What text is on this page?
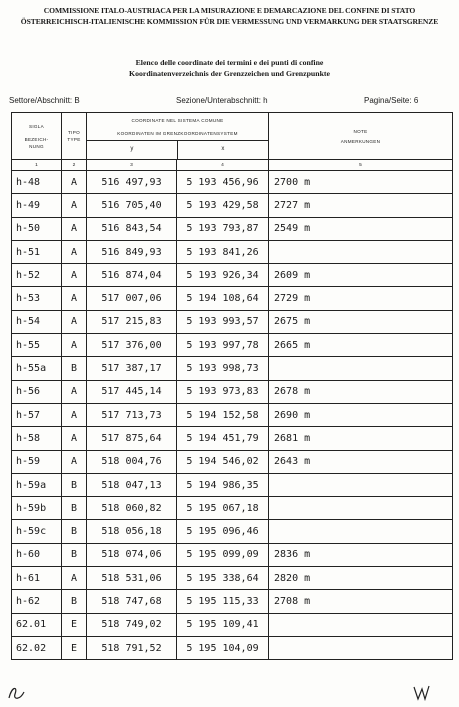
COMMISSIONE ITALO-AUSTRIACA PER LA MISURAZIONE E DEMARCAZIONE DEL CONFINE DI STATO
ÖSTERREICHISCH-ITALIENISCHE KOMMISSION FÜR DIE VERMESSUNG UND VERMARKUNG DER STAATSGRENZE
Elenco delle coordinate dei termini e dei punti di confine
Koordinatenverzeichnis der Grenzzeichen und Grenzpunkte
Settore/Abschnitt: B	Sezione/Unterabschnitt: h	Pagina/Seite: 6
SIGLA
BEZEICH-
NUNG

TIPO
TYPE

COORDINATE NEL SISTEMA COMUNE
KOORDINATEN IM GRENZKOORDINATENSYSTEM
y	x

NOTE
ANMERKUNGEN

1	2	3	4	5
h-48	A	516 497,93	5 193 456,96	2700 m
h-49	A	516 705,40	5 193 429,58	2727 m
h-50	A	516 843,54	5 193 793,87	2549 m
h-51	A	516 849,93	5 193 841,26	
h-52	A	516 874,04	5 193 926,34	2609 m
h-53	A	517 007,06	5 194 108,64	2729 m
h-54	A	517 215,83	5 193 993,57	2675 m
h-55	A	517 376,00	5 193 997,78	2665 m
h-55a	B	517 387,17	5 193 998,73	
h-56	A	517 445,14	5 193 973,83	2678 m
h-57	A	517 713,73	5 194 152,58	2690 m
h-58	A	517 875,64	5 194 451,79	2681 m
h-59	A	518 004,76	5 194 546,02	2643 m
h-59a	B	518 047,13	5 194 986,35	
h-59b	B	518 060,82	5 195 067,18	
h-59c	B	518 056,18	5 195 096,46	
h-60	B	518 074,06	5 195 099,09	2836 m
h-61	A	518 531,06	5 195 338,64	2820 m
h-62	B	518 747,68	5 195 115,33	2708 m
62.01	E	518 749,02	5 195 109,41	
62.02	E	518 791,52	5 195 104,09	
